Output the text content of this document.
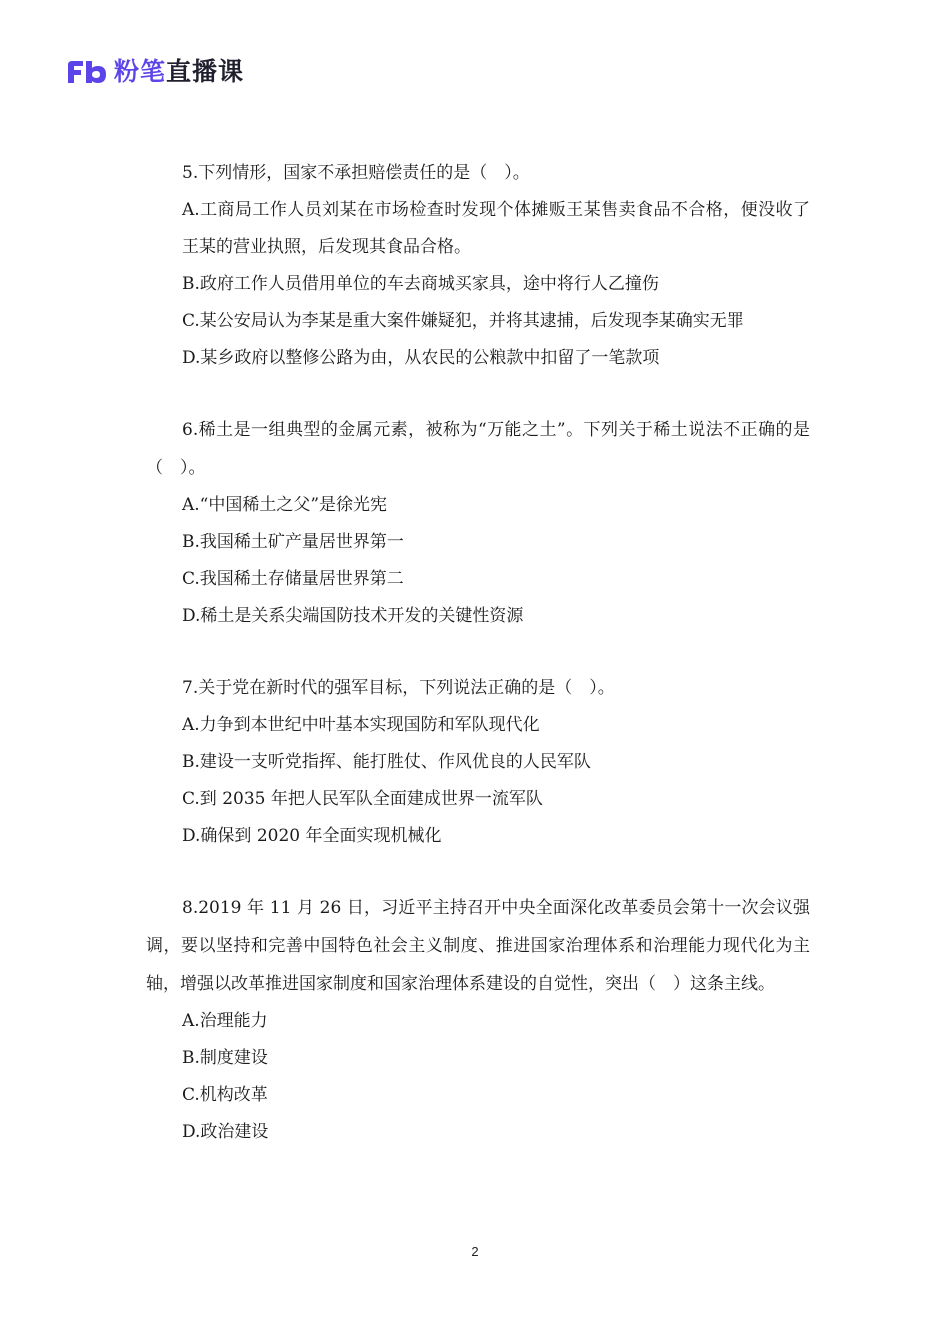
粉笔直播课

5.下列情形，国家不承担赔偿责任的是（　）。

A.工商局工作人员刘某在市场检查时发现个体摊贩王某售卖食品不合格，便没收了王某的营业执照，后发现其食品合格。

B.政府工作人员借用单位的车去商城买家具，途中将行人乙撞伤

C.某公安局认为李某是重大案件嫌疑犯，并将其逮捕，后发现李某确实无罪

D.某乡政府以整修公路为由，从农民的公粮款中扣留了一笔款项

6.稀土是一组典型的金属元素，被称为“万能之土”。下列关于稀土说法不正确的是（　）。

A.“中国稀土之父”是徐光宪

B.我国稀土矿产量居世界第一

C.我国稀土存储量居世界第二

D.稀土是关系尖端国防技术开发的关键性资源

7.关于党在新时代的强军目标，下列说法正确的是（　）。

A.力争到本世纪中叶基本实现国防和军队现代化

B.建设一支听党指挥、能打胜仗、作风优良的人民军队

C.到 2035 年把人民军队全面建成世界一流军队

D.确保到 2020 年全面实现机械化

8.2019 年 11 月 26 日，习近平主持召开中央全面深化改革委员会第十一次会议强调，要以坚持和完善中国特色社会主义制度、推进国家治理体系和治理能力现代化为主轴，增强以改革推进国家制度和国家治理体系建设的自觉性，突出（　）这条主线。

A.治理能力

B.制度建设

C.机构改革

D.政治建设

2
